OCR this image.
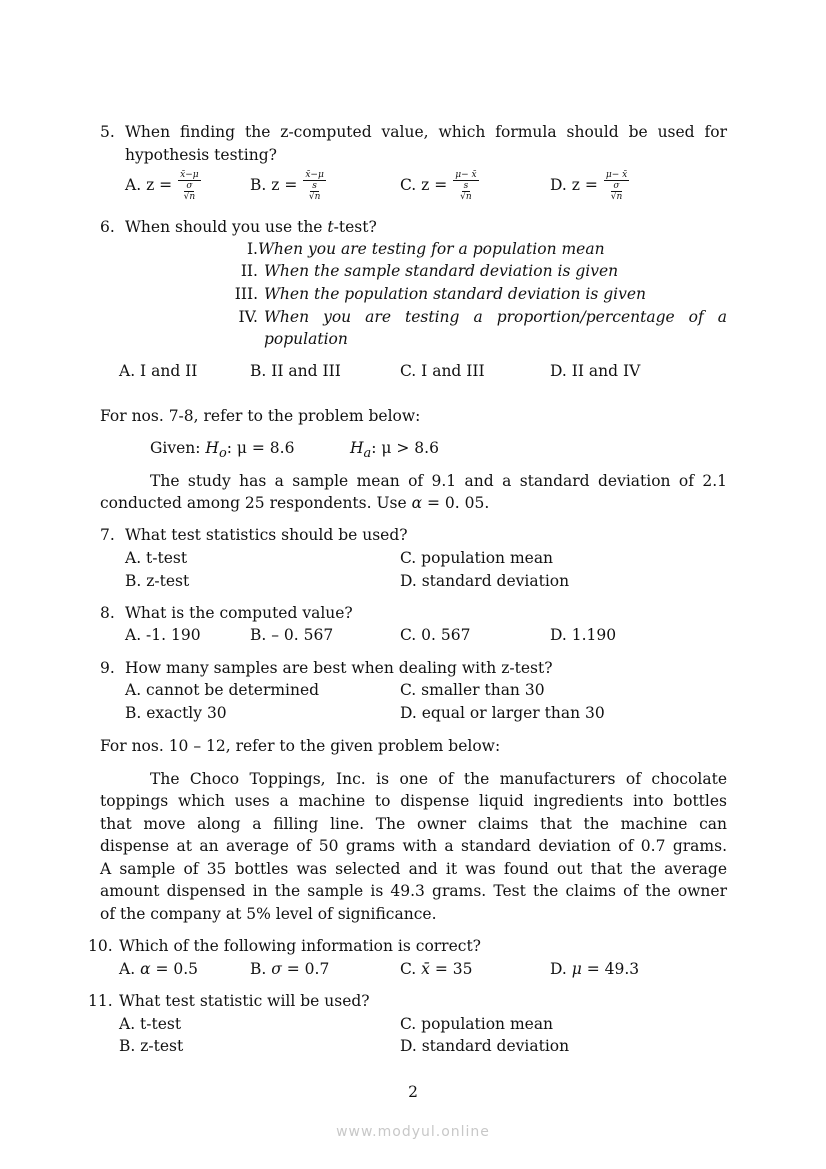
5. When finding the z-computed value, which formula should be used for
hypothesis testing?
A. z = x̄−μ
σ
√n	B. z = x̄−μ
s
√n	C. z = μ− x̄
s
√n	D. z = μ− x̄
σ
√n
6. When should you use the t-test?
I. When you are testing for a population mean
II. When the sample standard deviation is given
III. When the population standard deviation is given
IV. When you are testing a proportion/percentage of a
population
A. I and II	B. II and III	C. I and III	D. II and IV
For nos. 7-8, refer to the problem below:
Given: $H_o$: μ = 8.6	$H_a$: μ > 8.6
The study has a sample mean of 9.1 and a standard deviation of 2.1
conducted among 25 respondents. Use α = 0. 05.
7. What test statistics should be used?
A. t-test	C. population mean
B. z-test	D. standard deviation
8. What is the computed value?
A. -1. 190	B. – 0. 567	C. 0. 567	D. 1.190
9. How many samples are best when dealing with z-test?
A. cannot be determined	C. smaller than 30
B. exactly 30	D. equal or larger than 30
For nos. 10 – 12, refer to the given problem below:
The Choco Toppings, Inc. is one of the manufacturers of chocolate
toppings which uses a machine to dispense liquid ingredients into bottles
that move along a filling line. The owner claims that the machine can
dispense at an average of 50 grams with a standard deviation of 0.7 grams.
A sample of 35 bottles was selected and it was found out that the average
amount dispensed in the sample is 49.3 grams. Test the claims of the owner
of the company at 5% level of significance.
10. Which of the following information is correct?
A. α = 0.5	B. σ = 0.7	C. x̄ = 35	D. μ = 49.3
11. What test statistic will be used?
A. t-test	C. population mean
B. z-test	D. standard deviation
2
www.modyul.online
